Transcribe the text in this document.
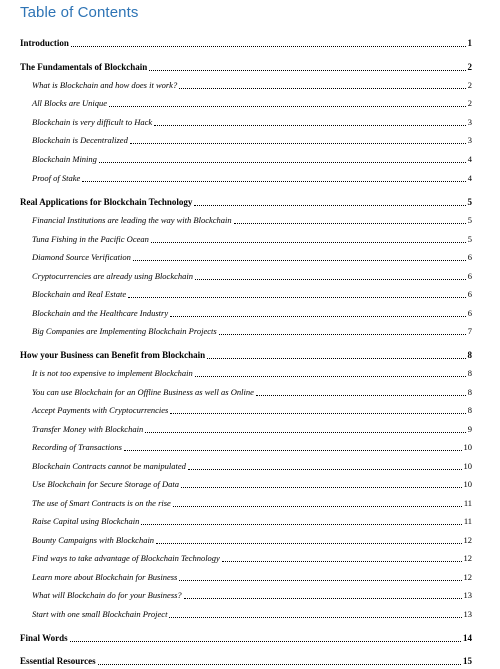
Table of Contents
Introduction	1
The Fundamentals of Blockchain	2
What is Blockchain and how does it work?	2
All Blocks are Unique	2
Blockchain is very difficult to Hack	3
Blockchain is Decentralized	3
Blockchain Mining	4
Proof of Stake	4
Real Applications for Blockchain Technology	5
Financial Institutions are leading the way with Blockchain	5
Tuna Fishing in the Pacific Ocean	5
Diamond Source Verification	6
Cryptocurrencies are already using Blockchain	6
Blockchain and Real Estate	6
Blockchain and the Healthcare Industry	6
Big Companies are Implementing Blockchain Projects	7
How your Business can Benefit from Blockchain	8
It is not too expensive to implement Blockchain	8
You can use Blockchain for an Offline Business as well as Online	8
Accept Payments with Cryptocurrencies	8
Transfer Money with Blockchain	9
Recording of Transactions	10
Blockchain Contracts cannot be manipulated	10
Use Blockchain for Secure Storage of Data	10
The use of Smart Contracts is on the rise	11
Raise Capital using Blockchain	11
Bounty Campaigns with Blockchain	12
Find ways to take advantage of Blockchain Technology	12
Learn more about Blockchain for Business	12
What will Blockchain do for your Business?	13
Start with one small Blockchain Project	13
Final Words	14
Essential Resources	15
